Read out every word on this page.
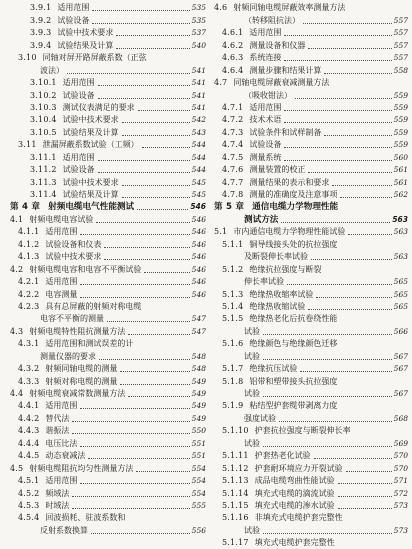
3.9.1 适用范围	535
3.9.2 试验设备	535
3.9.3 试验中技术要求	537
3.9.4 试验结果及计算	540
3.10 同轴对屏开路屏蔽系数（正弦
波法）	541
3.10.1 适用范围	541
3.10.2 试验设备	541
3.10.3 测试仪表满足的要求	541
3.10.4 试验中技术要求	542
3.10.5 试验结果及计算	543
3.11 泄漏屏蔽系数试验（工频）	544
3.11.1 适用范围	544
3.11.2 试验设备	544
3.11.3 试验中技术要求	545
3.11.4 试验结果及计算	545
第 4 章 射频电缆电气性能测试	546
4.1 射频电缆电容试验	546
4.1.1 适用范围	546
4.1.2 试验设备和仪表	546
4.1.3 试验中技术要求	546
4.2 射频电缆电容和电容不平衡试验	546
4.2.1 适用范围	546
4.2.2 电容测量	546
4.2.3 具有总屏蔽的射频对称电缆
电容不平衡的测量	547
4.3 射频电缆特性阻抗测量方法	547
4.3.1 适用范围和测试误差的计
测量仪器的要求	548
4.3.2 射频同轴电缆的测量	548
4.3.3 射频对称电缆的测量	549
4.4 射频电缆衰减常数测量方法	549
4.4.1 适用范围	549
4.4.2 替代法	549
4.4.3 谐振法	550
4.4.4 电压比法	551
4.4.5 动态衰减法	551
4.5 射频电缆阻抗均匀性测量方法	554
4.5.1 适用范围	554
4.5.2 频域法	554
4.5.3 时域法	555
4.5.4 回波损耗、驻波系数和
反射系数换算	556
4.6 射频同轴电缆屏蔽效率测量方法
（转移阻抗法）	557
4.6.1 适用范围	557
4.6.2 测量设备和仪器	557
4.6.3 系统连接	557
4.6.4 测量步骤和结果计算	558
4.7 同轴电缆屏蔽衰减测量方法
（吸收钳法）	559
4.7.1 适用范围	559
4.7.2 技术术语	559
4.7.3 试验条件和试样制备	559
4.7.4 试验设备	559
4.7.5 测量系统	560
4.7.6 测量装置的校正	561
4.7.7 测量结果的表示和要求	561
4.7.8 测量的准确度及注意事项	562
第 5 章 通信电缆力学物理性能
测试方法	563
5.1 市内通信电缆力学物理性能试验	563
5.1.1 铜导线接头处的抗拉强度
及断裂伸长率试验	563
5.1.2 绝缘抗拉强度与断裂
伸长率试验	565
5.1.3 绝缘热收缩率试验	565
5.1.4 绝缘热收缩试验	565
5.1.5 绝缘热老化后抗卷绕性能
试验	566
5.1.6 绝缘颜色与绝缘颜色迁移
试验	567
5.1.7 绝缘抗压试验	567
5.1.8 铝带和塑带接头抗拉强度
试验	567
5.1.9 粘结型护套缆带剥离力度
强度试验	568
5.1.10 护套抗拉强度与断裂伸长率
试验	569
5.1.11 护套热老化试验	570
5.1.12 护套耐环境应力开裂试验	570
5.1.13 成品电缆弯曲性能试验	571
5.1.14 填充式电缆的滴流试验	572
5.1.15 填充式电缆的渗水试验	573
5.1.16 非填充式电缆护套完整性
试验	573
5.1.17 填充式电缆护套完整性
